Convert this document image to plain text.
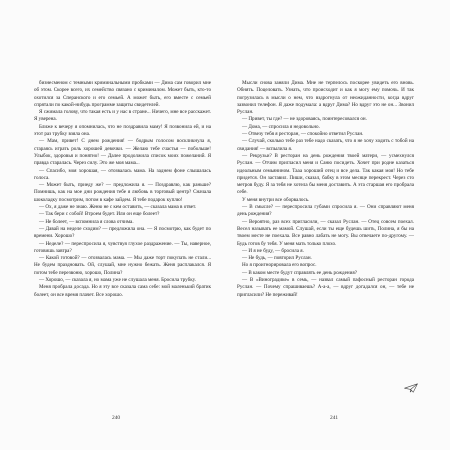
бизнесменом с темными криминальными пробками — Дима сам говорил мне об этом. Скорее всего, их семейство связано с криминалом. Может быть, кто-то охотился за Сперанского и его семьей. А может быть, его вместе с семьей спрятали по какой-нибудь программе защиты свидетелей.

Я сжимала голову, что такая есть и у нас в стране... Ничего, мне все расскажет. Я уверена.

Ближе к вечеру я опомнилась, что не поздравила маму! Я позвонила ей, и на этот раз трубку взяла она.

— Мам, привет! С днем рождения! — бодрым голосом воскликнула я, стараясь играть роль хорошей девочки. — Желаю тебе счастья — побольше! Улыбок, здоровья и понятно! — Далее продолжила список моих пожеланий. Я правда старалась. Через силу. Это же моя мама...

— Спасибо, моя хорошая, — отозвалась мама. На заднем фоне слышалась голоса.

— Может быть, приеду же? — предложила я. — Поздравлю, как раньше? Помнишь, как на мое дни рождения тебе я любовь в торговый центр? Сначала шоколадку посмотрим, потом в кафе зайдем. Я тебе подарок куплю!

— Ох, я даже не знаю. Женю не с кем оставить, — сказала мама в ответ.

— Так бери с собой! Втроем будет. Или он еще болеет?

— Не болеет, — вспомнила я слова отчима.

— Давай на неделе сходим? — предложила она. — Я посмотрю, как будет по времени. Хорошо?

— Неделе? — переспросила я, чувствуя глухое раздражение. — Ты, наверное, готовишь завтра?

— Какой готовой? — отозвалась мама. — Мы даже торт покупать не стали... Не будем праздновать. Ой, слушай, мне нужно бежать. Женя расплакался. Я потом тебе перезвоню, хорошо, Полина?

— Хорошо, — сказала я, но мама уже не слушала меня. Бросила трубку.

Меня пробрала досада. Но я эту все сказала сама себе: мой маленький братик болеет, он все время плачет. Все хорошо.

Мысли снова заняли Дима. Мне не терпелось поскорее увидеть его вновь. Обнять. Поцеловать. Узнать, что происходит и как я могу ему помочь. И так погрузилась в мысли о нем, что вздрогнула от неожиданности, когда вдруг зазвонил телефон. Я даже подумала: а вдруг Дима? Но вдруг это не он... Звонил Руслан.

— Привет, ты где? — не здороваясь, поинтересовался он.

— Дома, — спросила я недовольно.

— Отвезу тебя я ресторан, — спокойно ответил Руслан.

— Случай, сколько тебе раз тебе надо сказать, что я не хочу ходить с тобой на свидания! — вспылила я.

— Рекрузьи? В ресторан на день рождения твоей матери, — усмехнулся Руслан. — Отчим пригласил меня и Саню посидеть. Хочет при родне казаться идеальным семьянином. Тааа хороший отец и все дела. Так какая моя! Но тебе придется. Он заставил. Пиши, сказал, бабку в этом месяце перекрест. Через сто метров буду. Я за тебя не хотела бы меня доставить. А эта старшая его пробрала себе.

У меня внутри все оборвалось.

— В смысле? — переспросила губами спросила я. — Они справляют меня день рождения?

— Вероятно, раз всех пригласили, — сказал Руслан. — Отец совсем поехал. Весел называть ее мамой. Слушай, если ты еще будешь шить, Полина, я бы на твоем месте не поехала. Все равно лабать не могу. Вы отвечаете по-другому. — Будь готов бу тебя. У меня мать только плохо.

— И я не буду, — бросила я.

— Не будь, — повторил Руслан.

Но я проигнорировала его вопрос.

— В каком месте будут справлять ее день рождения?

— В «Виноградике» в семь, — назвал самый пафосный ресторан города Руслан. — Почему спрашиваешь? А-а-а, — вдруг догадался он, — тебе не пригласили? Не переживай!

240	241
